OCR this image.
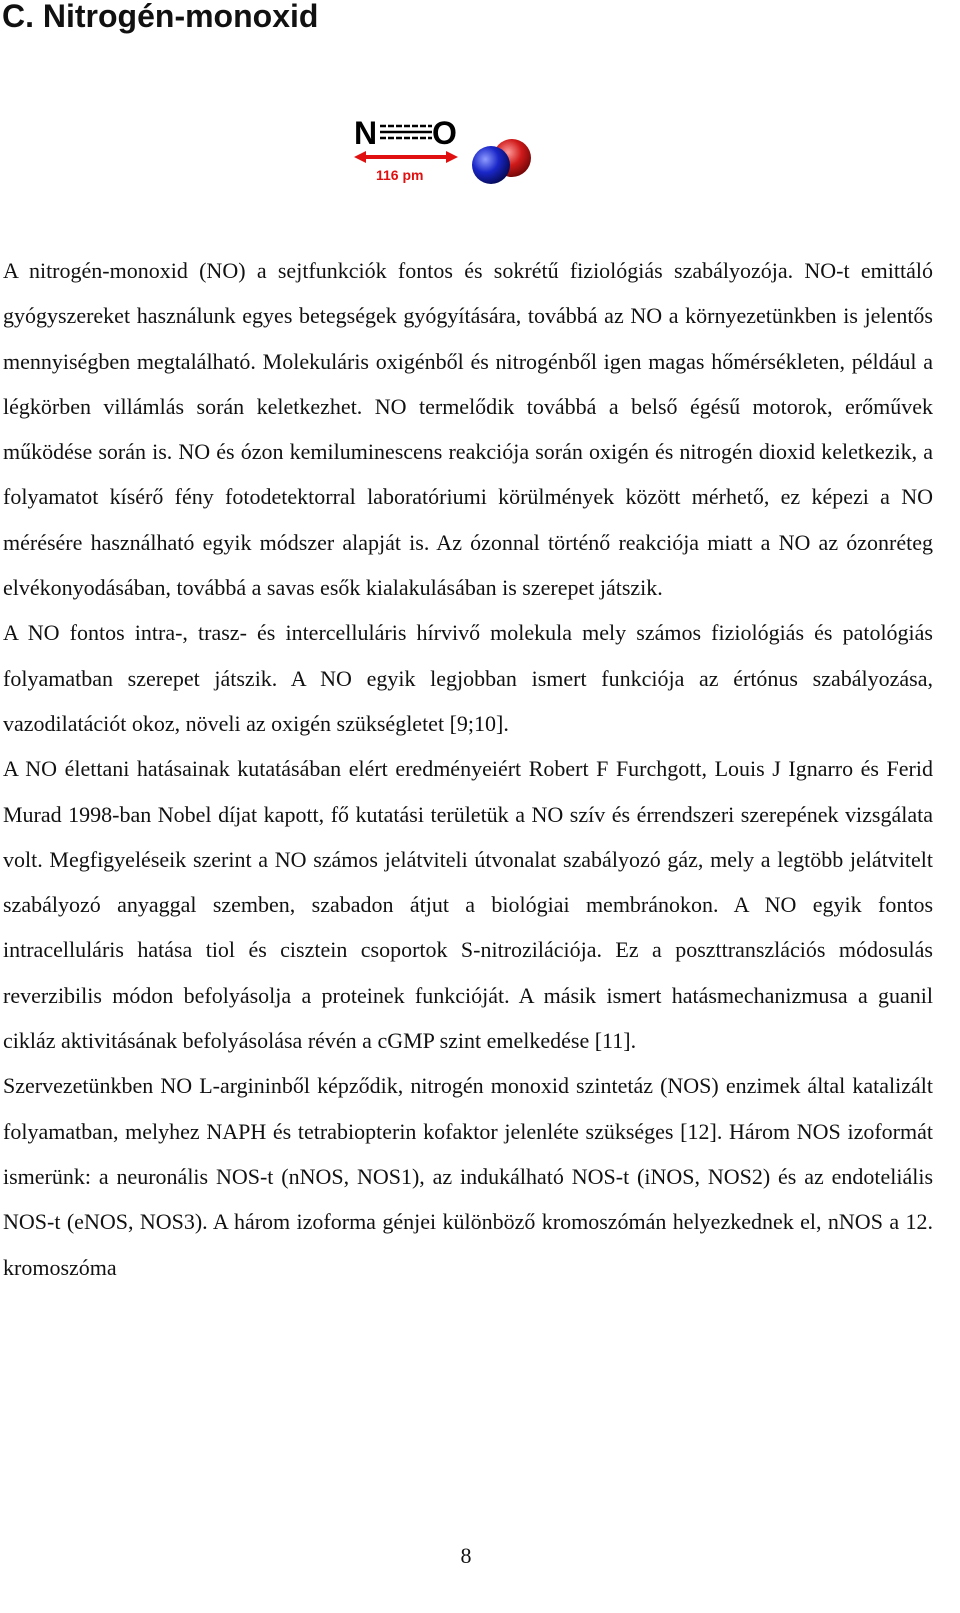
C. Nitrogén-monoxid
N O
116 pm

A nitrogén-monoxid (NO) a sejtfunkciók fontos és sokrétű fiziológiás szabályozója. NO-t emittáló gyógyszereket használunk egyes betegségek gyógyítására, továbbá az NO a környezetünkben is jelentős mennyiségben megtalálható. Molekuláris oxigénből és nitrogénből igen magas hőmérsékleten, például a légkörben villámlás során keletkezhet. NO termelődik továbbá a belső égésű motorok, erőművek működése során is. NO és ózon kemiluminescens reakciója során oxigén és nitrogén dioxid keletkezik, a folyamatot kísérő fény fotodetektorral laboratóriumi körülmények között mérhető, ez képezi a NO mérésére használható egyik módszer alapját is. Az ózonnal történő reakciója miatt a NO az ózonréteg elvékonyodásában, továbbá a savas esők kialakulásában is szerepet játszik.

A NO fontos intra-, trasz- és intercelluláris hírvivő molekula mely számos fiziológiás és patológiás folyamatban szerepet játszik. A NO egyik legjobban ismert funkciója az értónus szabályozása, vazodilatációt okoz, növeli az oxigén szükségletet [9;10].

A NO élettani hatásainak kutatásában elért eredményeiért Robert F Furchgott, Louis J Ignarro és Ferid Murad 1998-ban Nobel díjat kapott, fő kutatási területük a NO szív és érrendszeri szerepének vizsgálata volt. Megfigyeléseik szerint a NO számos jelátviteli útvonalat szabályozó gáz, mely a legtöbb jelátvitelt szabályozó anyaggal szemben, szabadon átjut a biológiai membránokon. A NO egyik fontos intracelluláris hatása tiol és cisztein csoportok S-nitrozilációja. Ez a poszttranszlációs módosulás reverzibilis módon befolyásolja a proteinek funkcióját. A másik ismert hatásmechanizmusa a guanil cikláz aktivitásának befolyásolása révén a cGMP szint emelkedése [11].

Szervezetünkben NO L-argininből képződik, nitrogén monoxid szintetáz (NOS) enzimek által katalizált folyamatban, melyhez NAPH és tetrabiopterin kofaktor jelenléte szükséges [12]. Három NOS izoformát ismerünk: a neuronális NOS-t (nNOS, NOS1), az indukálható NOS-t (iNOS, NOS2) és az endoteliális NOS-t (eNOS, NOS3). A három izoforma génjei különböző kromoszómán helyezkednek el, nNOS a 12. kromoszóma

8
